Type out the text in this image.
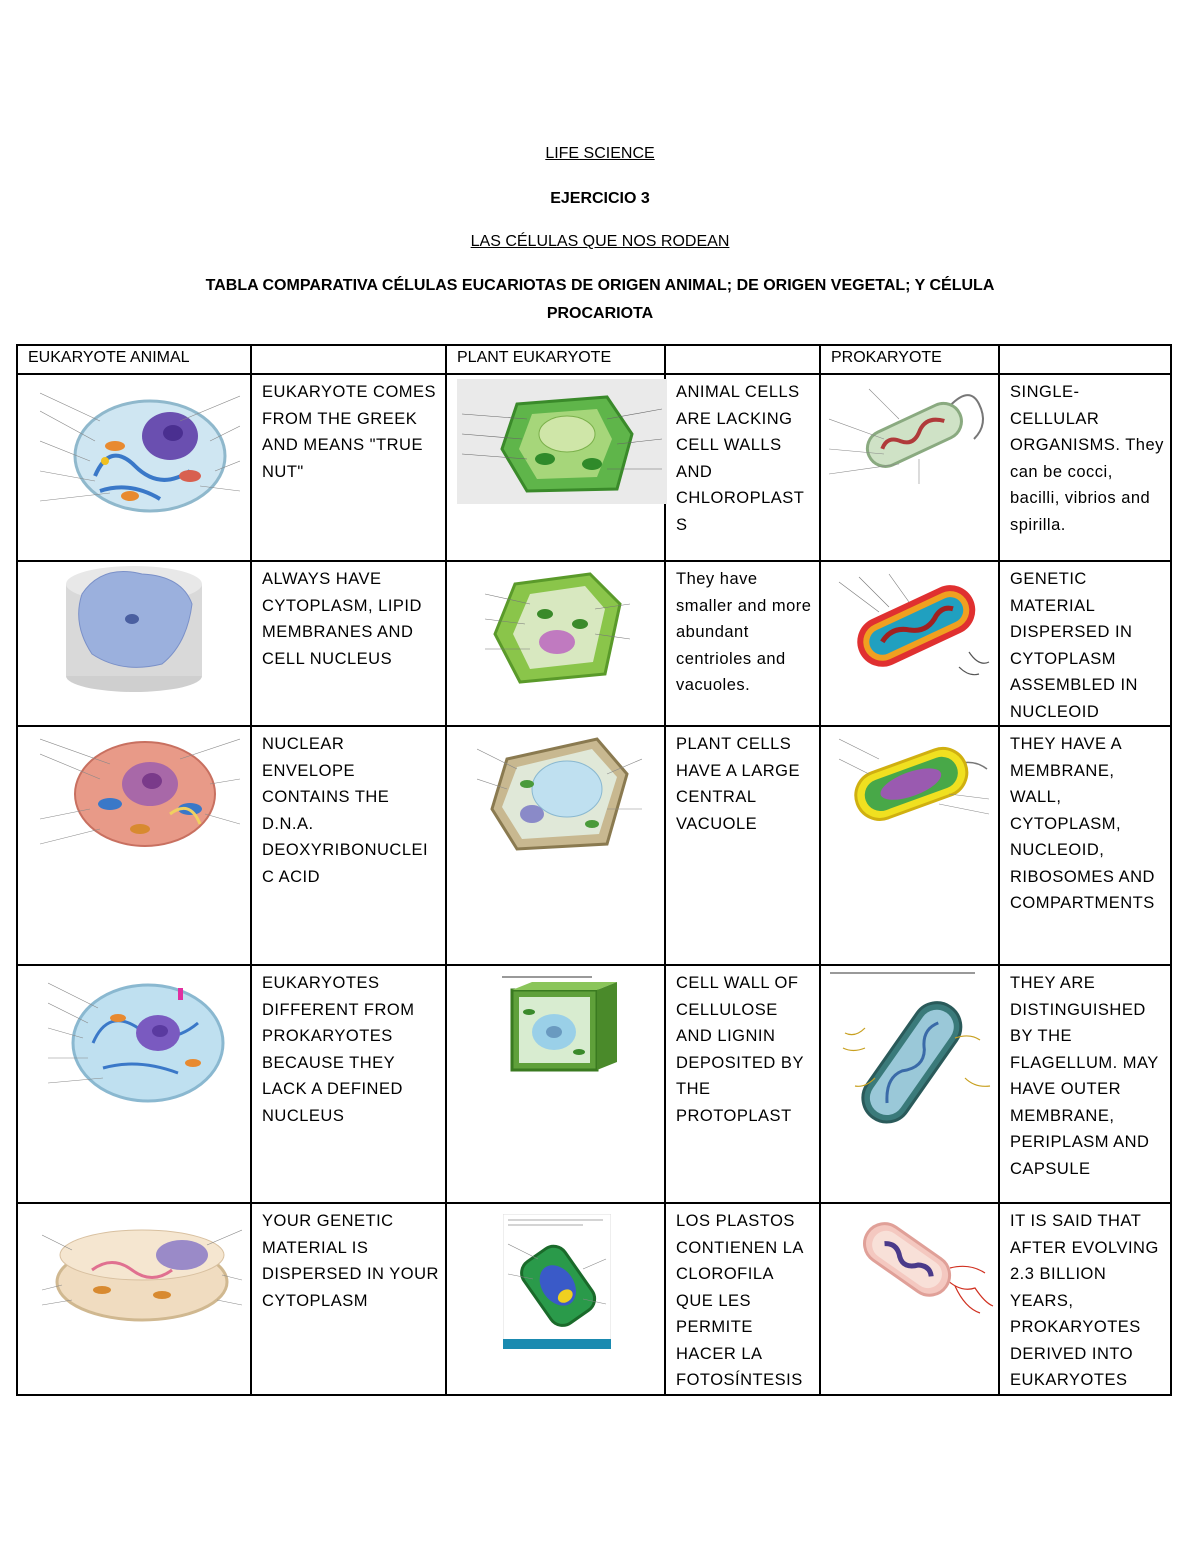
LIFE SCIENCE
EJERCICIO 3
LAS CÉLULAS QUE NOS RODEAN
TABLA COMPARATIVA CÉLULAS EUCARIOTAS DE ORIGEN ANIMAL; DE ORIGEN VEGETAL; Y CÉLULA
PROCARIOTA
EUKARYOTE ANIMAL		PLANT EUKARYOTE		PROKARYOTE	

	EUKARYOTE COMES FROM THE GREEK AND MEANS "TRUE NUT"		ANIMAL CELLS ARE LACKING CELL WALLS AND CHLOROPLASTS		SINGLE-CELLULAR ORGANISMS. They can be cocci, bacilli, vibrios and spirilla.

	ALWAYS HAVE CYTOPLASM, LIPID MEMBRANES AND CELL NUCLEUS		They have smaller and more abundant centrioles and vacuoles.		GENETIC MATERIAL DISPERSED IN CYTOPLASM ASSEMBLED IN NUCLEOID

	NUCLEAR ENVELOPE CONTAINS THE D.N.A. DEOXYRIBONUCLEIC ACID		PLANT CELLS HAVE A LARGE CENTRAL VACUOLE		THEY HAVE A MEMBRANE, WALL, CYTOPLASM, NUCLEOID, RIBOSOMES AND COMPARTMENTS

	EUKARYOTES DIFFERENT FROM PROKARYOTES BECAUSE THEY LACK A DEFINED NUCLEUS		CELL WALL OF CELLULOSE AND LIGNIN DEPOSITED BY THE PROTOPLAST		THEY ARE DISTINGUISHED BY THE FLAGELLUM. MAY HAVE OUTER MEMBRANE, PERIPLASM AND CAPSULE

	YOUR GENETIC MATERIAL IS DISPERSED IN YOUR CYTOPLASM		LOS PLASTOS CONTIENEN LA CLOROFILA QUE LES PERMITE HACER LA FOTOSÍNTESIS		IT IS SAID THAT AFTER EVOLVING 2.3 BILLION YEARS, PROKARYOTES DERIVED INTO EUKARYOTES
